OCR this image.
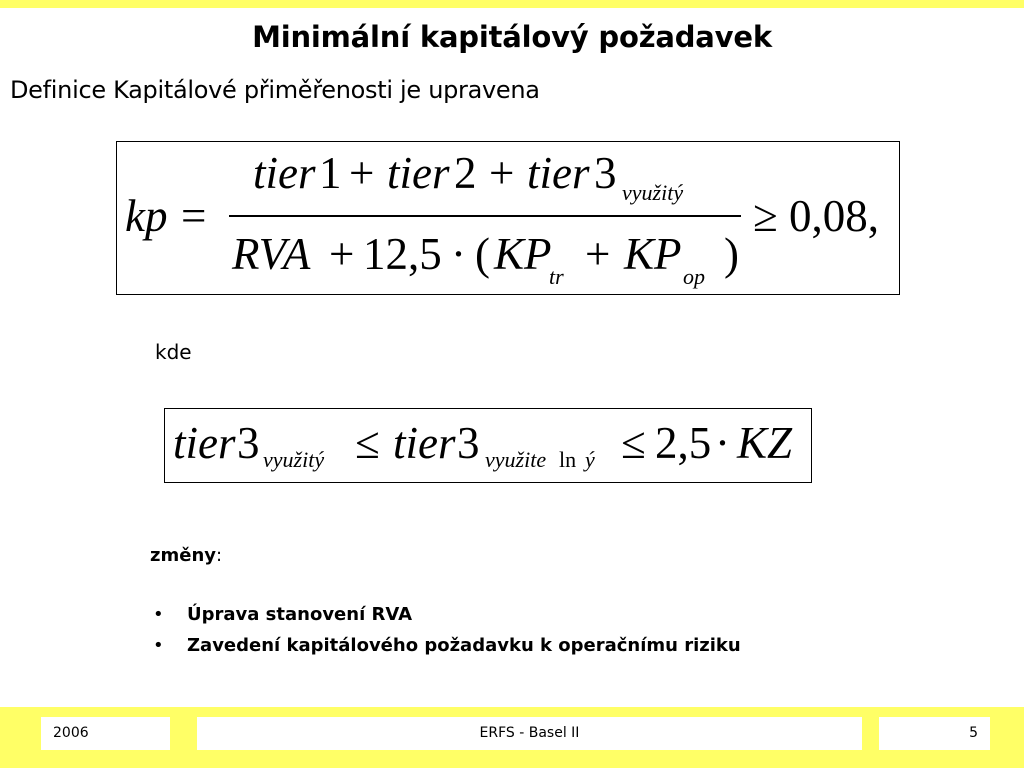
Minimální kapitálový požadavek

Definice Kapitálové přiměřenosti je upravena

kp =
tier 1 + tier 2 + tier 3 využitý
RVA + 12,5 · ( KP
tr + KP op )
≥ 0,08,

kde

tier 3 využitý ≤ tier 3 využite ln ý ≤ 2,5 · KZ

změny:

• Úprava stanovení RVA
• Zavedení kapitálového požadavku k operačnímu riziku
2006	ERFS - Basel II	5
